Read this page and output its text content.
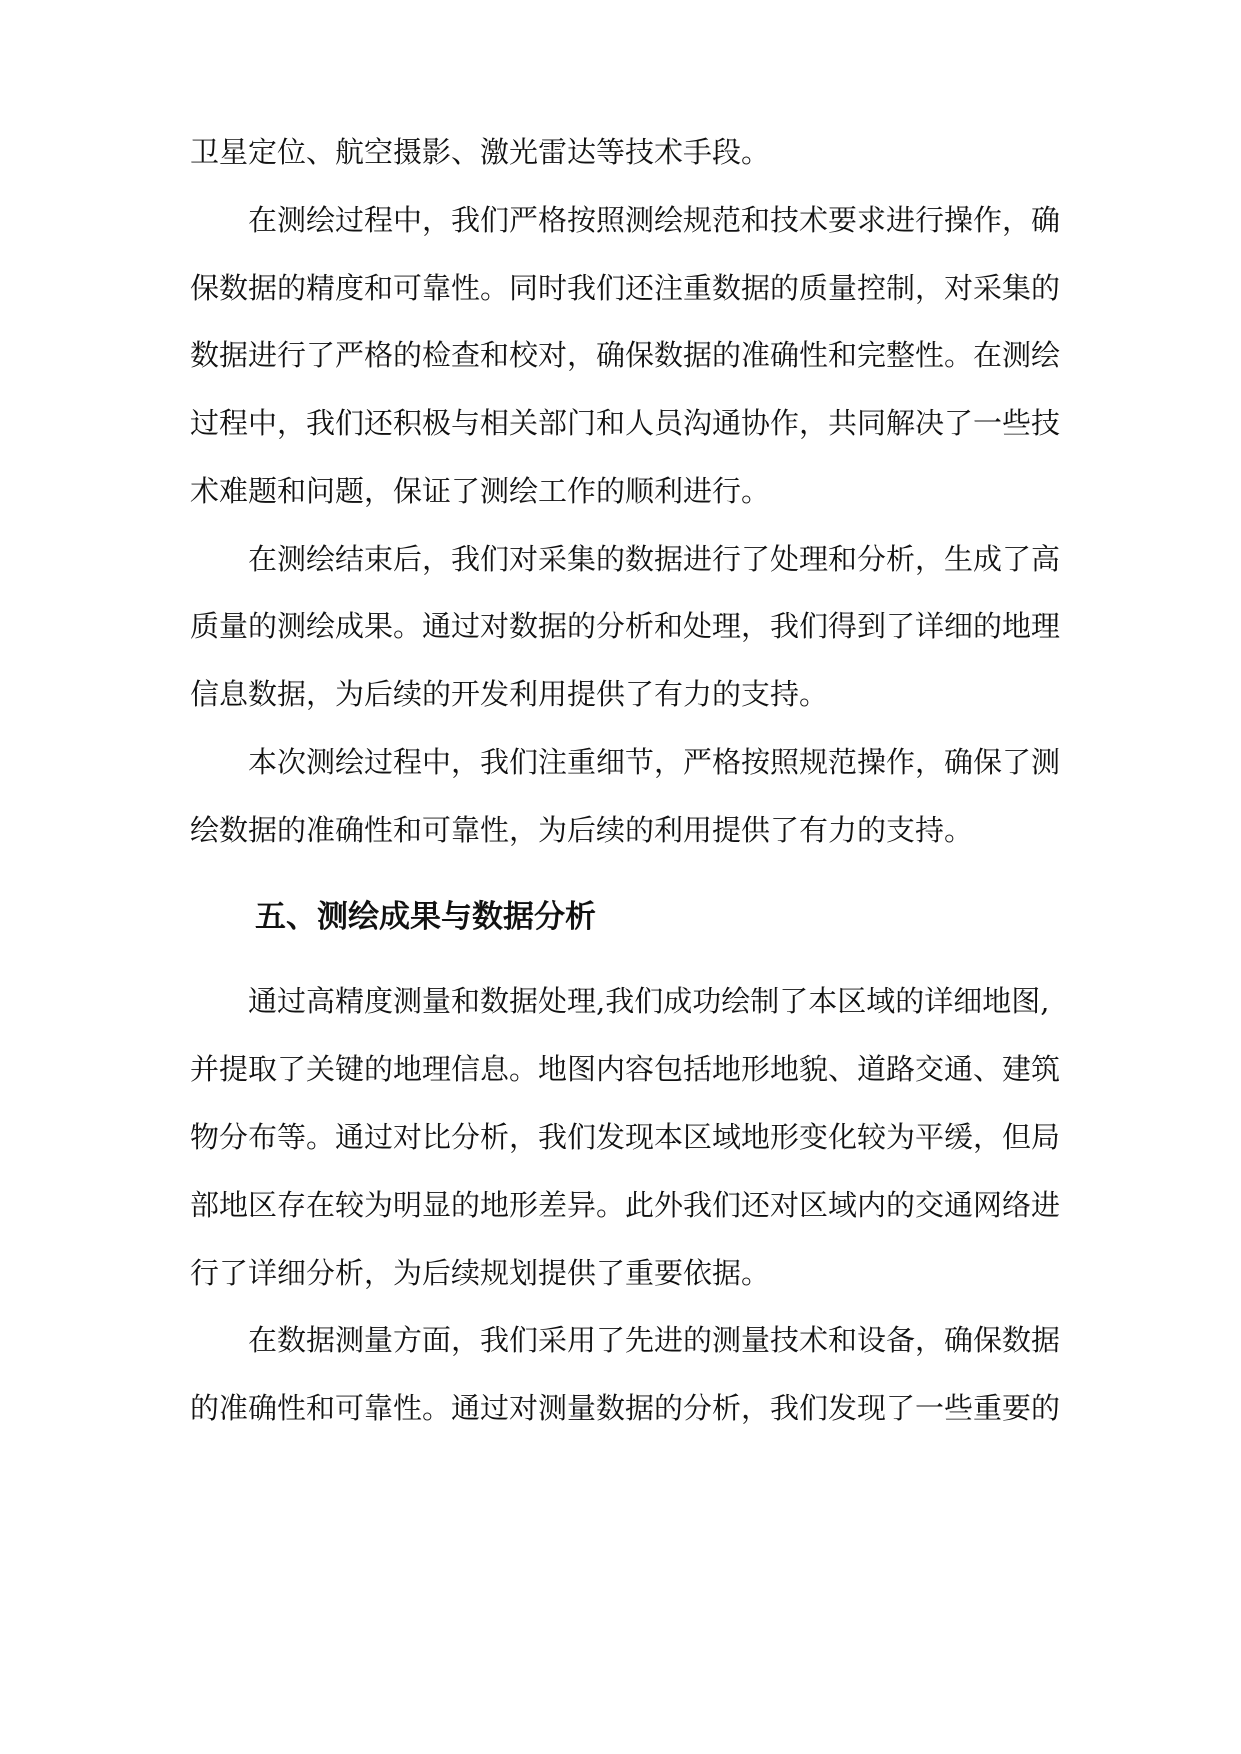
卫星定位、航空摄影、激光雷达等技术手段。
在测绘过程中，我们严格按照测绘规范和技术要求进行操作，确
保数据的精度和可靠性。同时我们还注重数据的质量控制，对采集的
数据进行了严格的检查和校对，确保数据的准确性和完整性。在测绘
过程中，我们还积极与相关部门和人员沟通协作，共同解决了一些技
术难题和问题，保证了测绘工作的顺利进行。
在测绘结束后，我们对采集的数据进行了处理和分析，生成了高
质量的测绘成果。通过对数据的分析和处理，我们得到了详细的地理
信息数据，为后续的开发利用提供了有力的支持。
本次测绘过程中，我们注重细节，严格按照规范操作，确保了测
绘数据的准确性和可靠性，为后续的利用提供了有力的支持。
五、测绘成果与数据分析
通过高精度测量和数据处理,我们成功绘制了本区域的详细地图,
并提取了关键的地理信息。地图内容包括地形地貌、道路交通、建筑
物分布等。通过对比分析，我们发现本区域地形变化较为平缓，但局
部地区存在较为明显的地形差异。此外我们还对区域内的交通网络进
行了详细分析，为后续规划提供了重要依据。
在数据测量方面，我们采用了先进的测量技术和设备，确保数据
的准确性和可靠性。通过对测量数据的分析，我们发现了一些重要的
